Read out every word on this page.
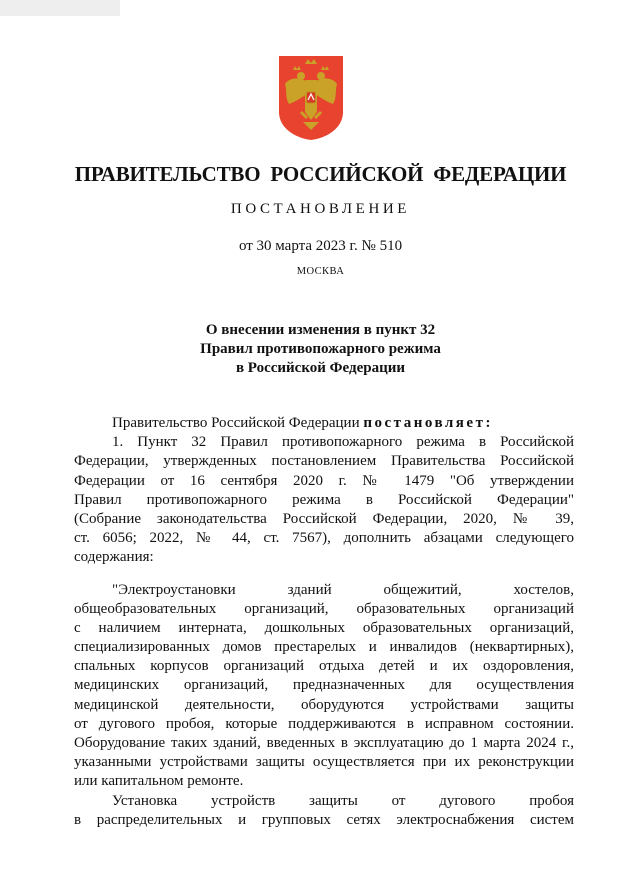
ПРАВИТЕЛЬСТВО РОССИЙСКОЙ ФЕДЕРАЦИИ
ПОСТАНОВЛЕНИЕ
от 30 марта 2023 г. № 510
МОСКВА
О внесении изменения в пункт 32
Правил противопожарного режима
в Российской Федерации
Правительство Российской Федерации постановляет:
1. Пункт 32 Правил противопожарного режима в Российской
Федерации, утвержденных постановлением Правительства Российской
Федерации от 16 сентября 2020 г. № 1479 "Об утверждении
Правил противопожарного режима в Российской Федерации"
(Собрание законодательства Российской Федерации, 2020, № 39,
ст. 6056; 2022, № 44, ст. 7567), дополнить абзацами следующего
содержания:
"Электроустановки зданий общежитий, хостелов,
общеобразовательных организаций, образовательных организаций
с наличием интерната, дошкольных образовательных организаций,
специализированных домов престарелых и инвалидов (неквартирных),
спальных корпусов организаций отдыха детей и их оздоровления,
медицинских организаций, предназначенных для осуществления
медицинской деятельности, оборудуются устройствами защиты
от дугового пробоя, которые поддерживаются в исправном состоянии.
Оборудование таких зданий, введенных в эксплуатацию до 1 марта 2024 г.,
указанными устройствами защиты осуществляется при их реконструкции
или капитальном ремонте.
Установка устройств защиты от дугового пробоя
в распределительных и групповых сетях электроснабжения систем
